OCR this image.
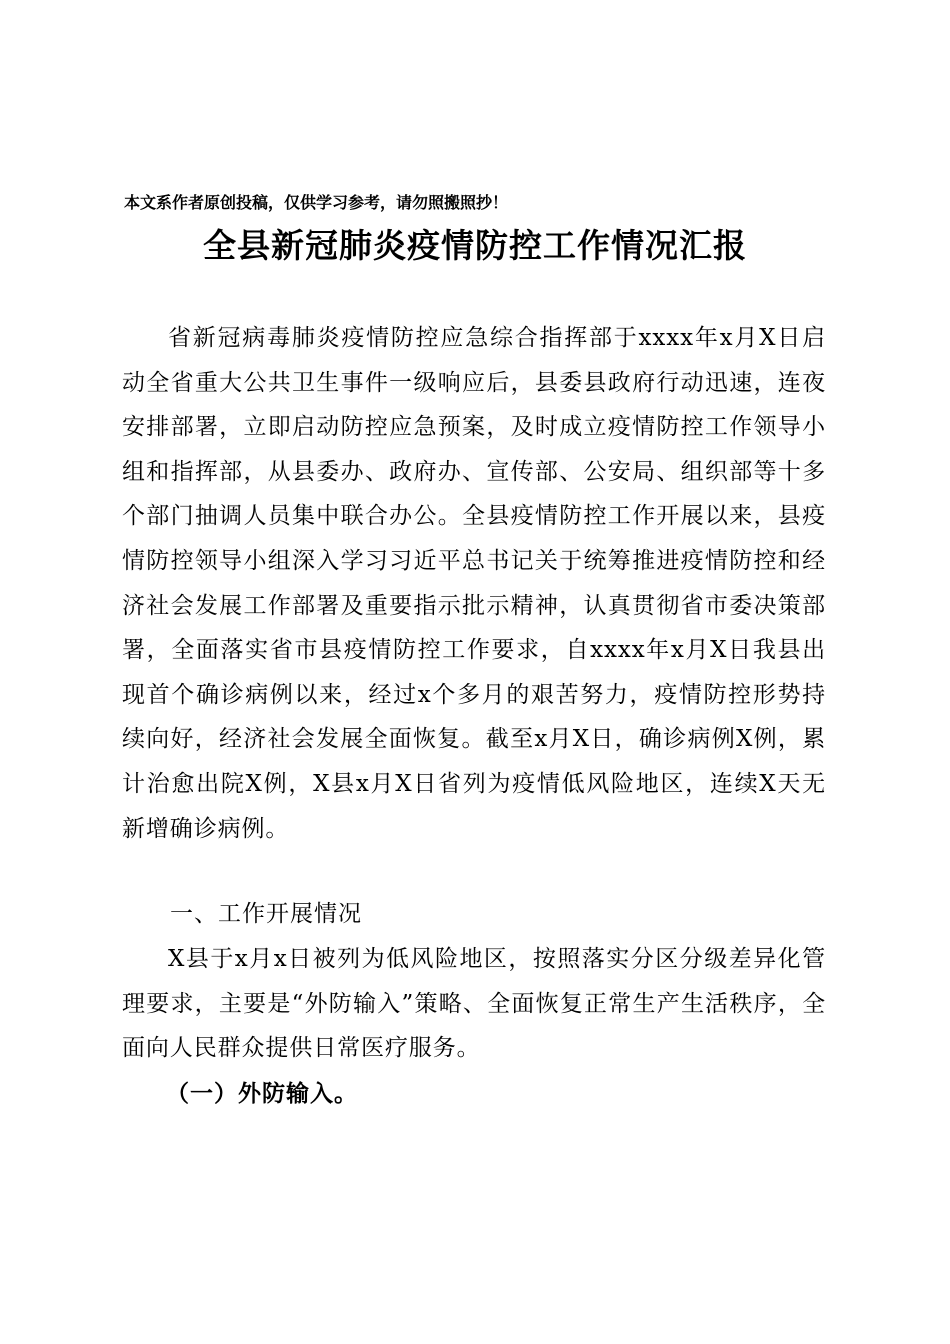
本文系作者原创投稿，仅供学习参考，请勿照搬照抄！
全县新冠肺炎疫情防控工作情况汇报

省新冠病毒肺炎疫情防控应急综合指挥部于xxxx年x月X日启动全省重大公共卫生事件一级响应后，县委县政府行动迅速，连夜安排部署，立即启动防控应急预案，及时成立疫情防控工作领导小组和指挥部，从县委办、政府办、宣传部、公安局、组织部等十多个部门抽调人员集中联合办公。全县疫情防控工作开展以来，县疫情防控领导小组深入学习习近平总书记关于统筹推进疫情防控和经济社会发展工作部署及重要指示批示精神，认真贯彻省市委决策部署，全面落实省市县疫情防控工作要求，自xxxx年x月X日我县出现首个确诊病例以来，经过x个多月的艰苦努力，疫情防控形势持续向好，经济社会发展全面恢复。截至x月X日，确诊病例X例，累计治愈出院X例，X县x月X日省列为疫情低风险地区，连续X天无新增确诊病例。

一、工作开展情况

X县于x月x日被列为低风险地区，按照落实分区分级差异化管理要求，主要是“外防输入”策略、全面恢复正常生产生活秩序，全面向人民群众提供日常医疗服务。

（一）外防输入。
